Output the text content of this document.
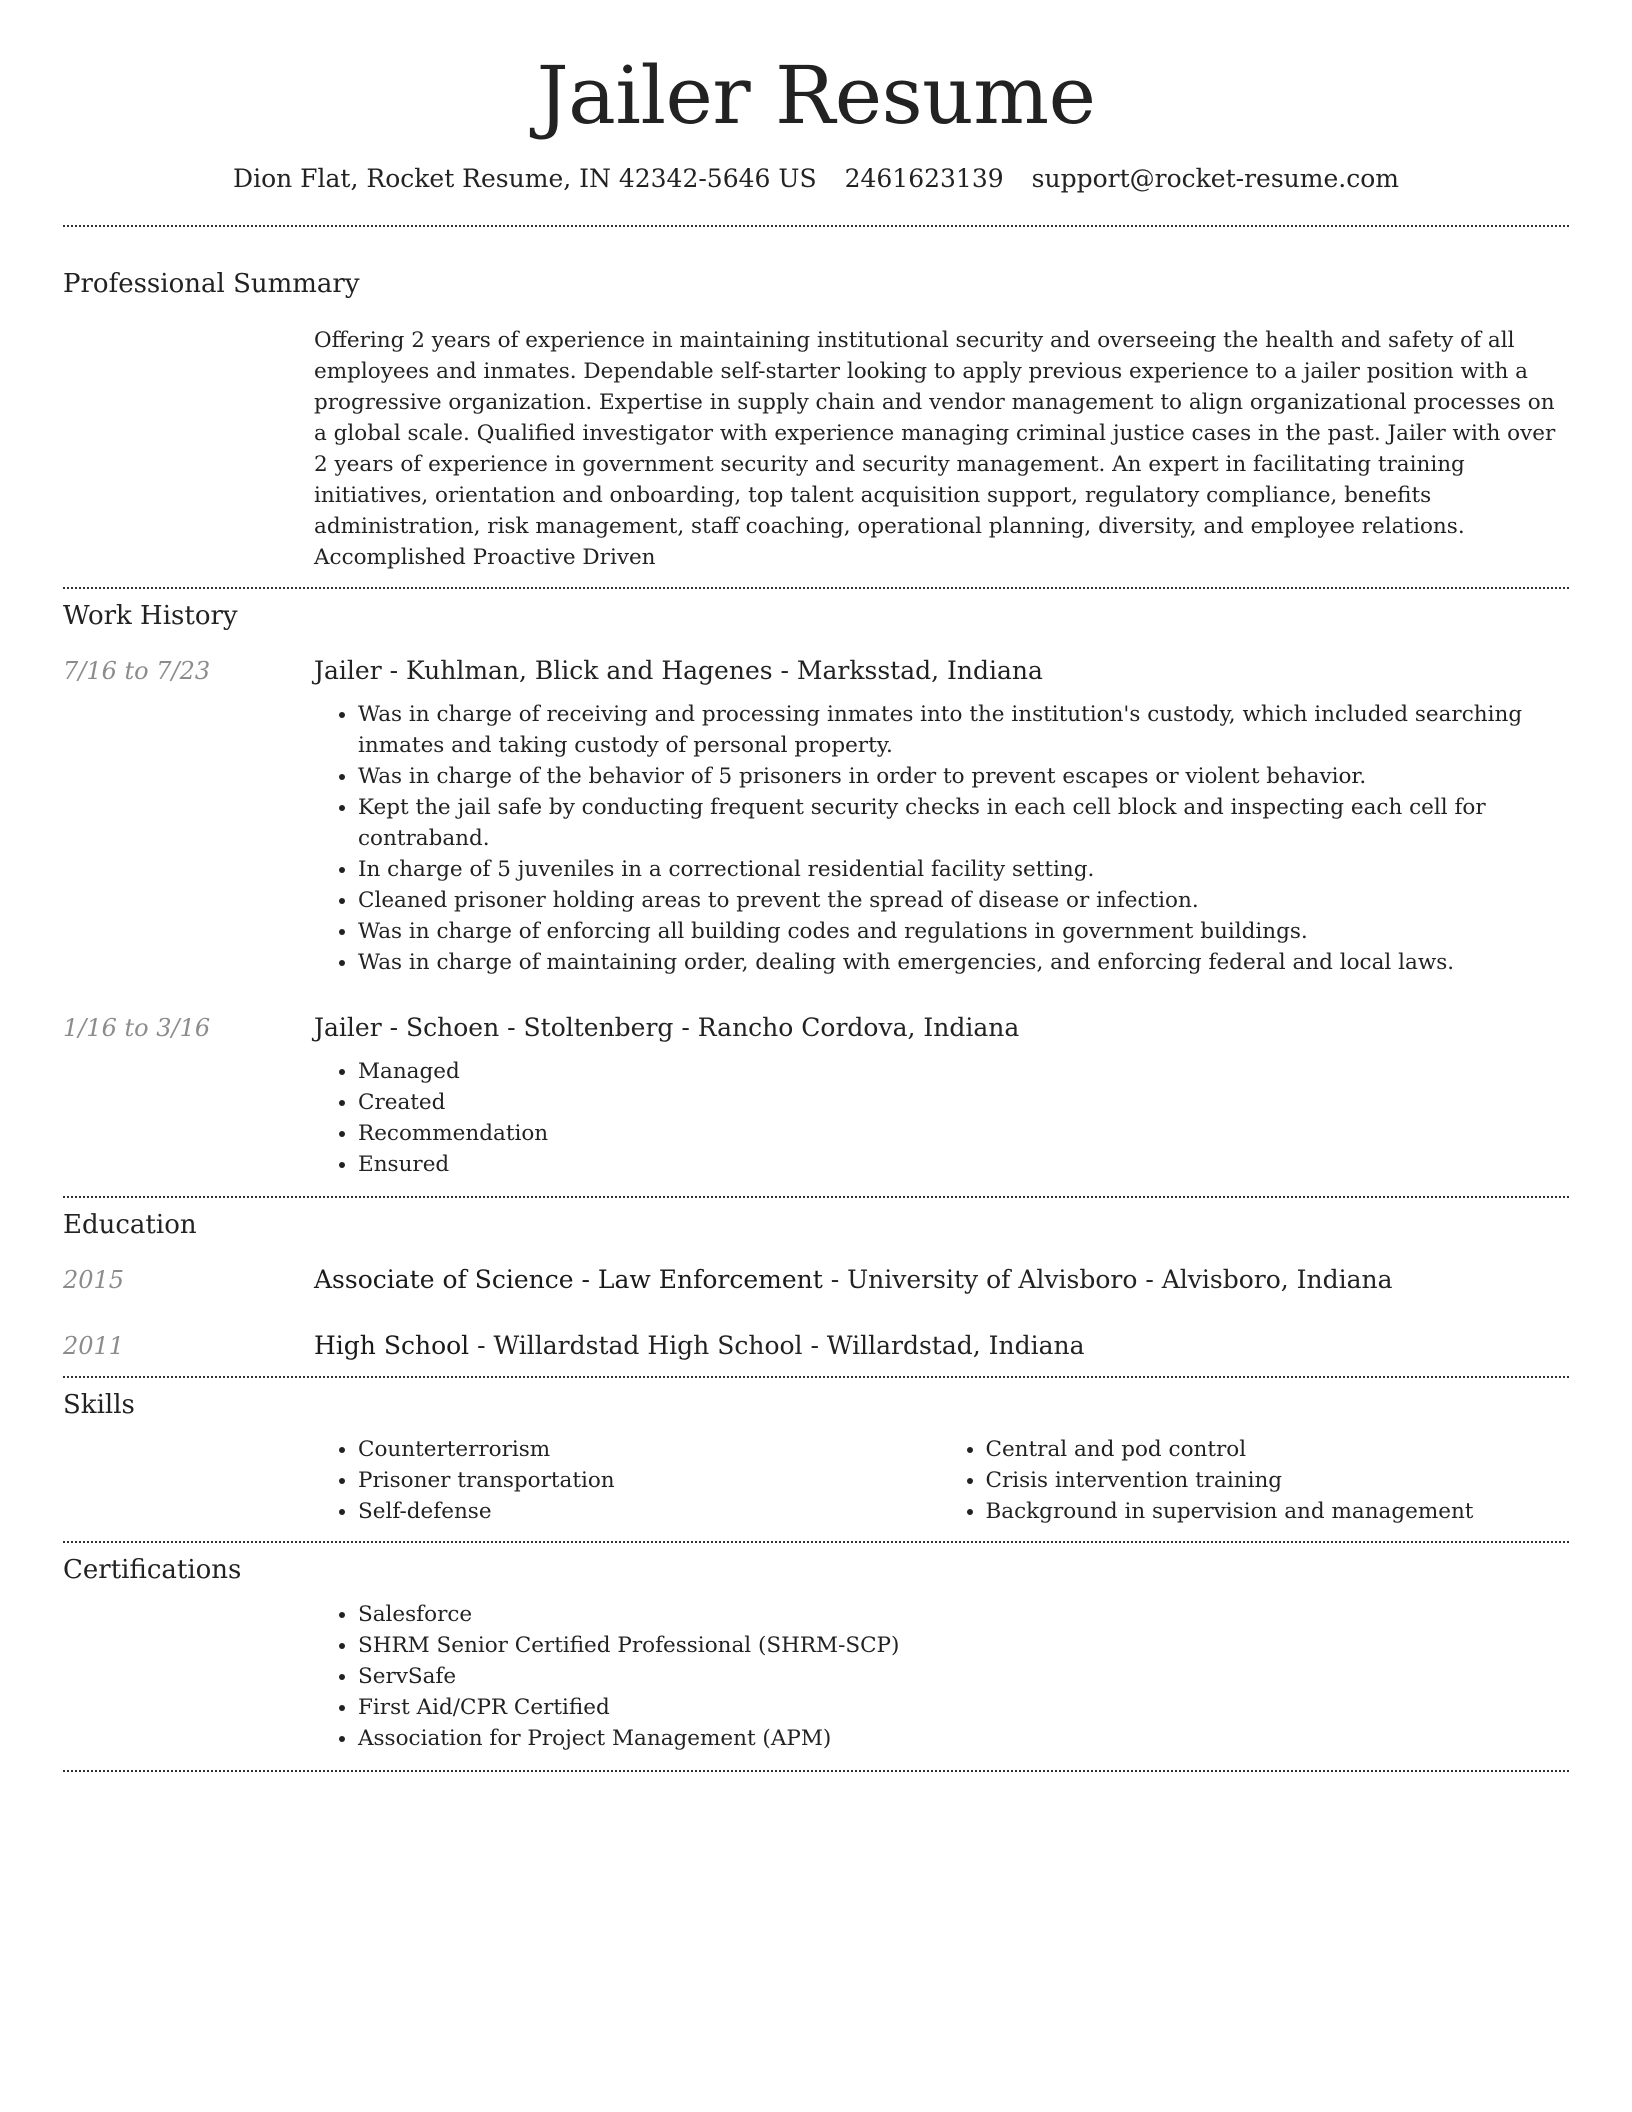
Jailer Resume
Dion Flat, Rocket Resume, IN 42342-5646 US 2461623139 support@rocket-resume.com
Professional Summary
Offering 2 years of experience in maintaining institutional security and overseeing the health and safety of all employees and inmates. Dependable self-starter looking to apply previous experience to a jailer position with a progressive organization. Expertise in supply chain and vendor management to align organizational processes on a global scale. Qualified investigator with experience managing criminal justice cases in the past. Jailer with over 2 years of experience in government security and security management. An expert in facilitating training initiatives, orientation and onboarding, top talent acquisition support, regulatory compliance, benefits administration, risk management, staff coaching, operational planning, diversity, and employee relations. Accomplished Proactive Driven
Work History
7/16 to 7/23	Jailer - Kuhlman, Blick and Hagenes - Marksstad, Indiana
• Was in charge of receiving and processing inmates into the institution's custody, which included searching inmates and taking custody of personal property.
• Was in charge of the behavior of 5 prisoners in order to prevent escapes or violent behavior.
• Kept the jail safe by conducting frequent security checks in each cell block and inspecting each cell for contraband.
• In charge of 5 juveniles in a correctional residential facility setting.
• Cleaned prisoner holding areas to prevent the spread of disease or infection.
• Was in charge of enforcing all building codes and regulations in government buildings.
• Was in charge of maintaining order, dealing with emergencies, and enforcing federal and local laws.
1/16 to 3/16	Jailer - Schoen - Stoltenberg - Rancho Cordova, Indiana
• Managed
• Created
• Recommendation
• Ensured
Education
2015	Associate of Science - Law Enforcement - University of Alvisboro - Alvisboro, Indiana
2011	High School - Willardstad High School - Willardstad, Indiana
Skills
• Counterterrorism
• Prisoner transportation
• Self-defense
• Central and pod control
• Crisis intervention training
• Background in supervision and management
Certifications
• Salesforce
• SHRM Senior Certified Professional (SHRM-SCP)
• ServSafe
• First Aid/CPR Certified
• Association for Project Management (APM)
